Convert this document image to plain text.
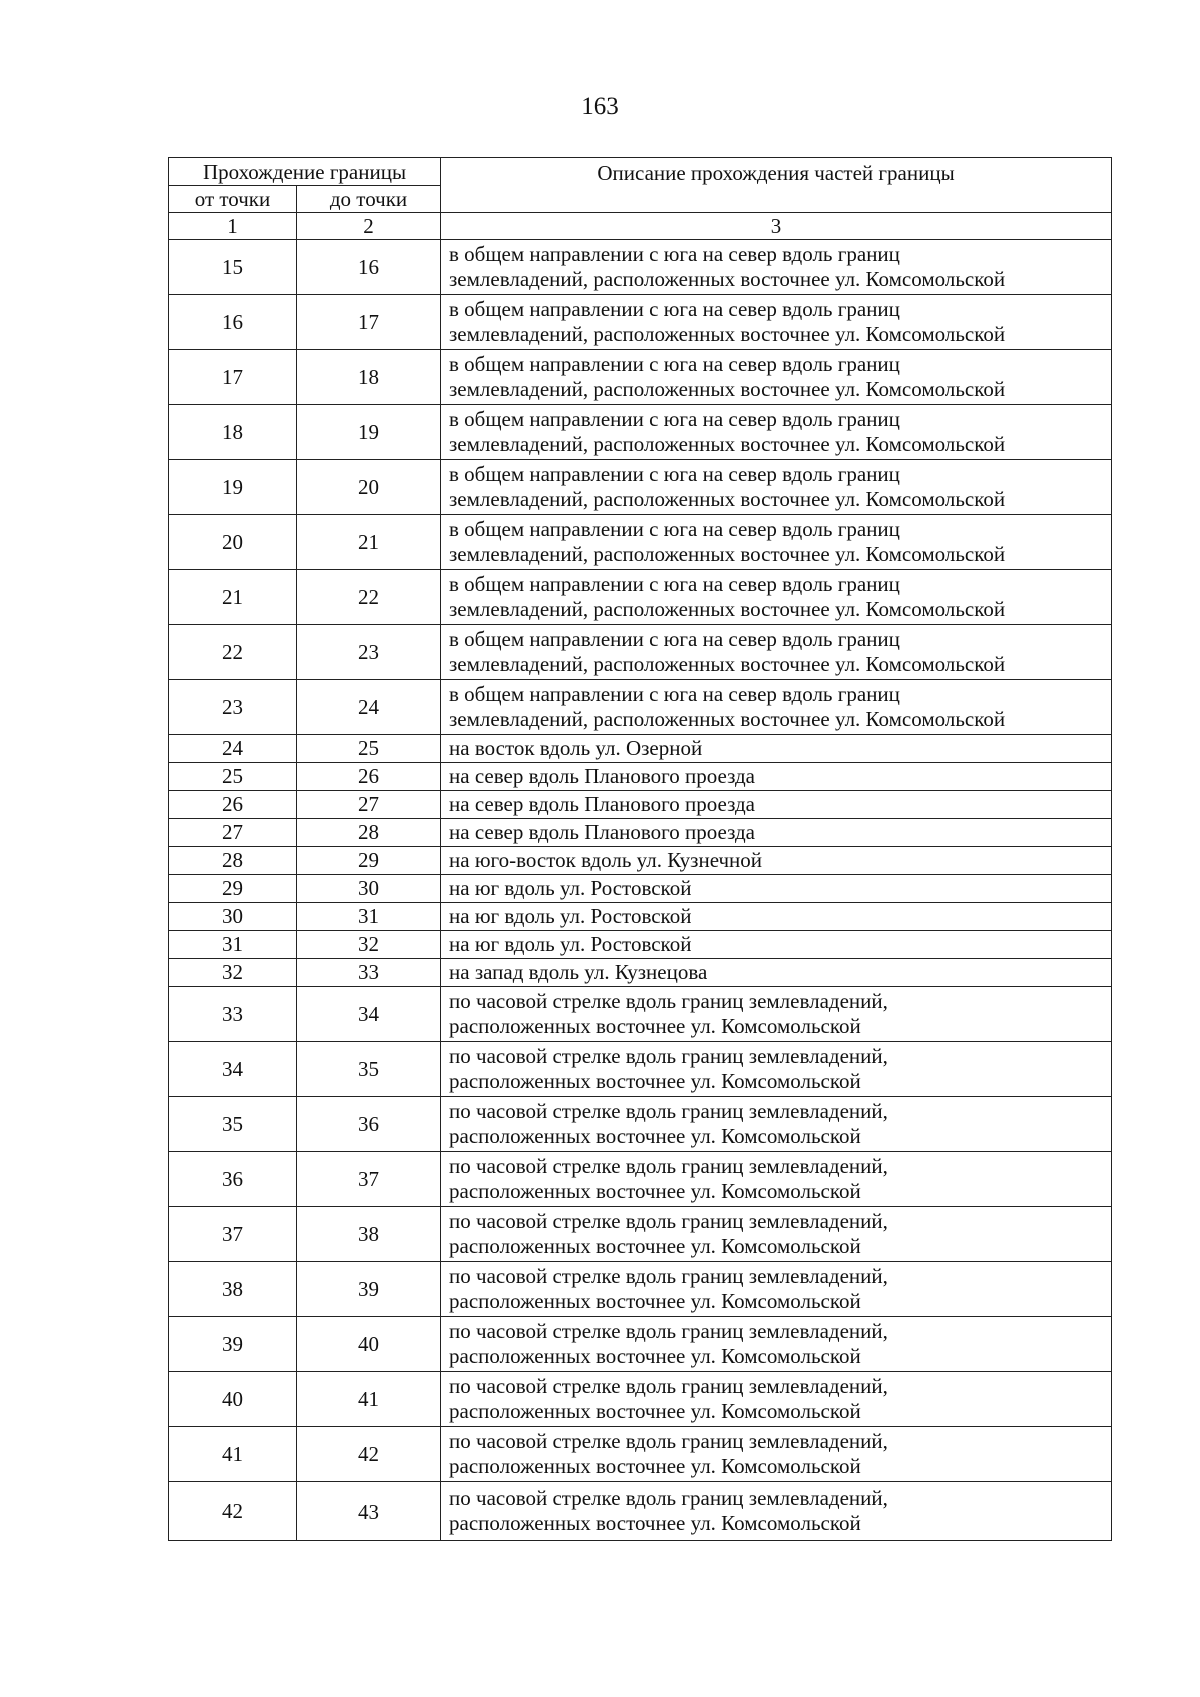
163
Прохождение границы		Описание прохождения частей границы
от точки	до точки	
1	2	3
15	16	в общем направлении с юга на север вдоль границ
землевладений, расположенных восточнее ул. Комсомольской

16	17	в общем направлении с юга на север вдоль границ
землевладений, расположенных восточнее ул. Комсомольской

17	18	в общем направлении с юга на север вдоль границ
землевладений, расположенных восточнее ул. Комсомольской

18	19	в общем направлении с юга на север вдоль границ
землевладений, расположенных восточнее ул. Комсомольской

19	20	в общем направлении с юга на север вдоль границ
землевладений, расположенных восточнее ул. Комсомольской

20	21	в общем направлении с юга на север вдоль границ
землевладений, расположенных восточнее ул. Комсомольской

21	22	в общем направлении с юга на север вдоль границ
землевладений, расположенных восточнее ул. Комсомольской

22	23	в общем направлении с юга на север вдоль границ
землевладений, расположенных восточнее ул. Комсомольской

23	24	в общем направлении с юга на север вдоль границ
землевладений, расположенных восточнее ул. Комсомольской

24	25	на восток вдоль ул. Озерной

25	26	на север вдоль Планового проезда

26	27	на север вдоль Планового проезда

27	28	на север вдоль Планового проезда

28	29	на юго-восток вдоль ул. Кузнечной

29	30	на юг вдоль ул. Ростовской

30	31	на юг вдоль ул. Ростовской

31	32	на юг вдоль ул. Ростовской

32	33	на запад вдоль ул. Кузнецова

33	34	по часовой стрелке вдоль границ землевладений,
расположенных восточнее ул. Комсомольской

34	35	по часовой стрелке вдоль границ землевладений,
расположенных восточнее ул. Комсомольской

35	36	по часовой стрелке вдоль границ землевладений,
расположенных восточнее ул. Комсомольской

36	37	по часовой стрелке вдоль границ землевладений,
расположенных восточнее ул. Комсомольской

37	38	по часовой стрелке вдоль границ землевладений,
расположенных восточнее ул. Комсомольской

38	39	по часовой стрелке вдоль границ землевладений,
расположенных восточнее ул. Комсомольской

39	40	по часовой стрелке вдоль границ землевладений,
расположенных восточнее ул. Комсомольской

40	41	по часовой стрелке вдоль границ землевладений,
расположенных восточнее ул. Комсомольской

41	42	по часовой стрелке вдоль границ землевладений,
расположенных восточнее ул. Комсомольской

42	43	по часовой стрелке вдоль границ землевладений,
расположенных восточнее ул. Комсомольской
